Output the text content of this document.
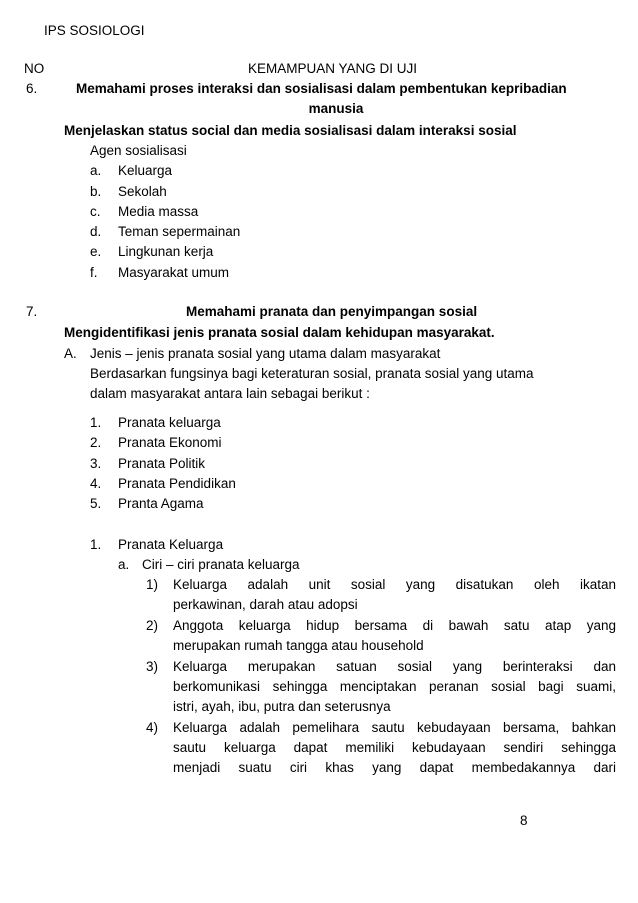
IPS SOSIOLOGI
NO	KEMAMPUAN YANG DI UJI
6.	Memahami proses interaksi dan sosialisasi dalam pembentukan kepribadian
manusia
Menjelaskan status social dan media sosialisasi dalam interaksi sosial
Agen sosialisasi
a. Keluarga
b. Sekolah
c. Media massa
d. Teman sepermainan
e. Lingkunan kerja
f. Masyarakat umum
7.	Memahami pranata dan penyimpangan sosial
Mengidentifikasi jenis pranata sosial dalam kehidupan masyarakat.
A. Jenis – jenis pranata sosial yang utama dalam masyarakat
Berdasarkan fungsinya bagi keteraturan sosial, pranata sosial yang utama
dalam masyarakat antara lain sebagai berikut :
1. Pranata keluarga
2. Pranata Ekonomi
3. Pranata Politik
4. Pranata Pendidikan
5. Pranta Agama
1. Pranata Keluarga
a. Ciri – ciri pranata keluarga
1) Keluarga adalah unit sosial yang disatukan oleh ikatan
perkawinan, darah atau adopsi
2) Anggota keluarga hidup bersama di bawah satu atap yang
merupakan rumah tangga atau household
3) Keluarga merupakan satuan sosial yang berinteraksi dan
berkomunikasi sehingga menciptakan peranan sosial bagi suami,
istri, ayah, ibu, putra dan seterusnya
4) Keluarga adalah pemelihara sautu kebudayaan bersama, bahkan
sautu keluarga dapat memiliki kebudayaan sendiri sehingga
menjadi suatu ciri khas yang dapat membedakannya dari
8
